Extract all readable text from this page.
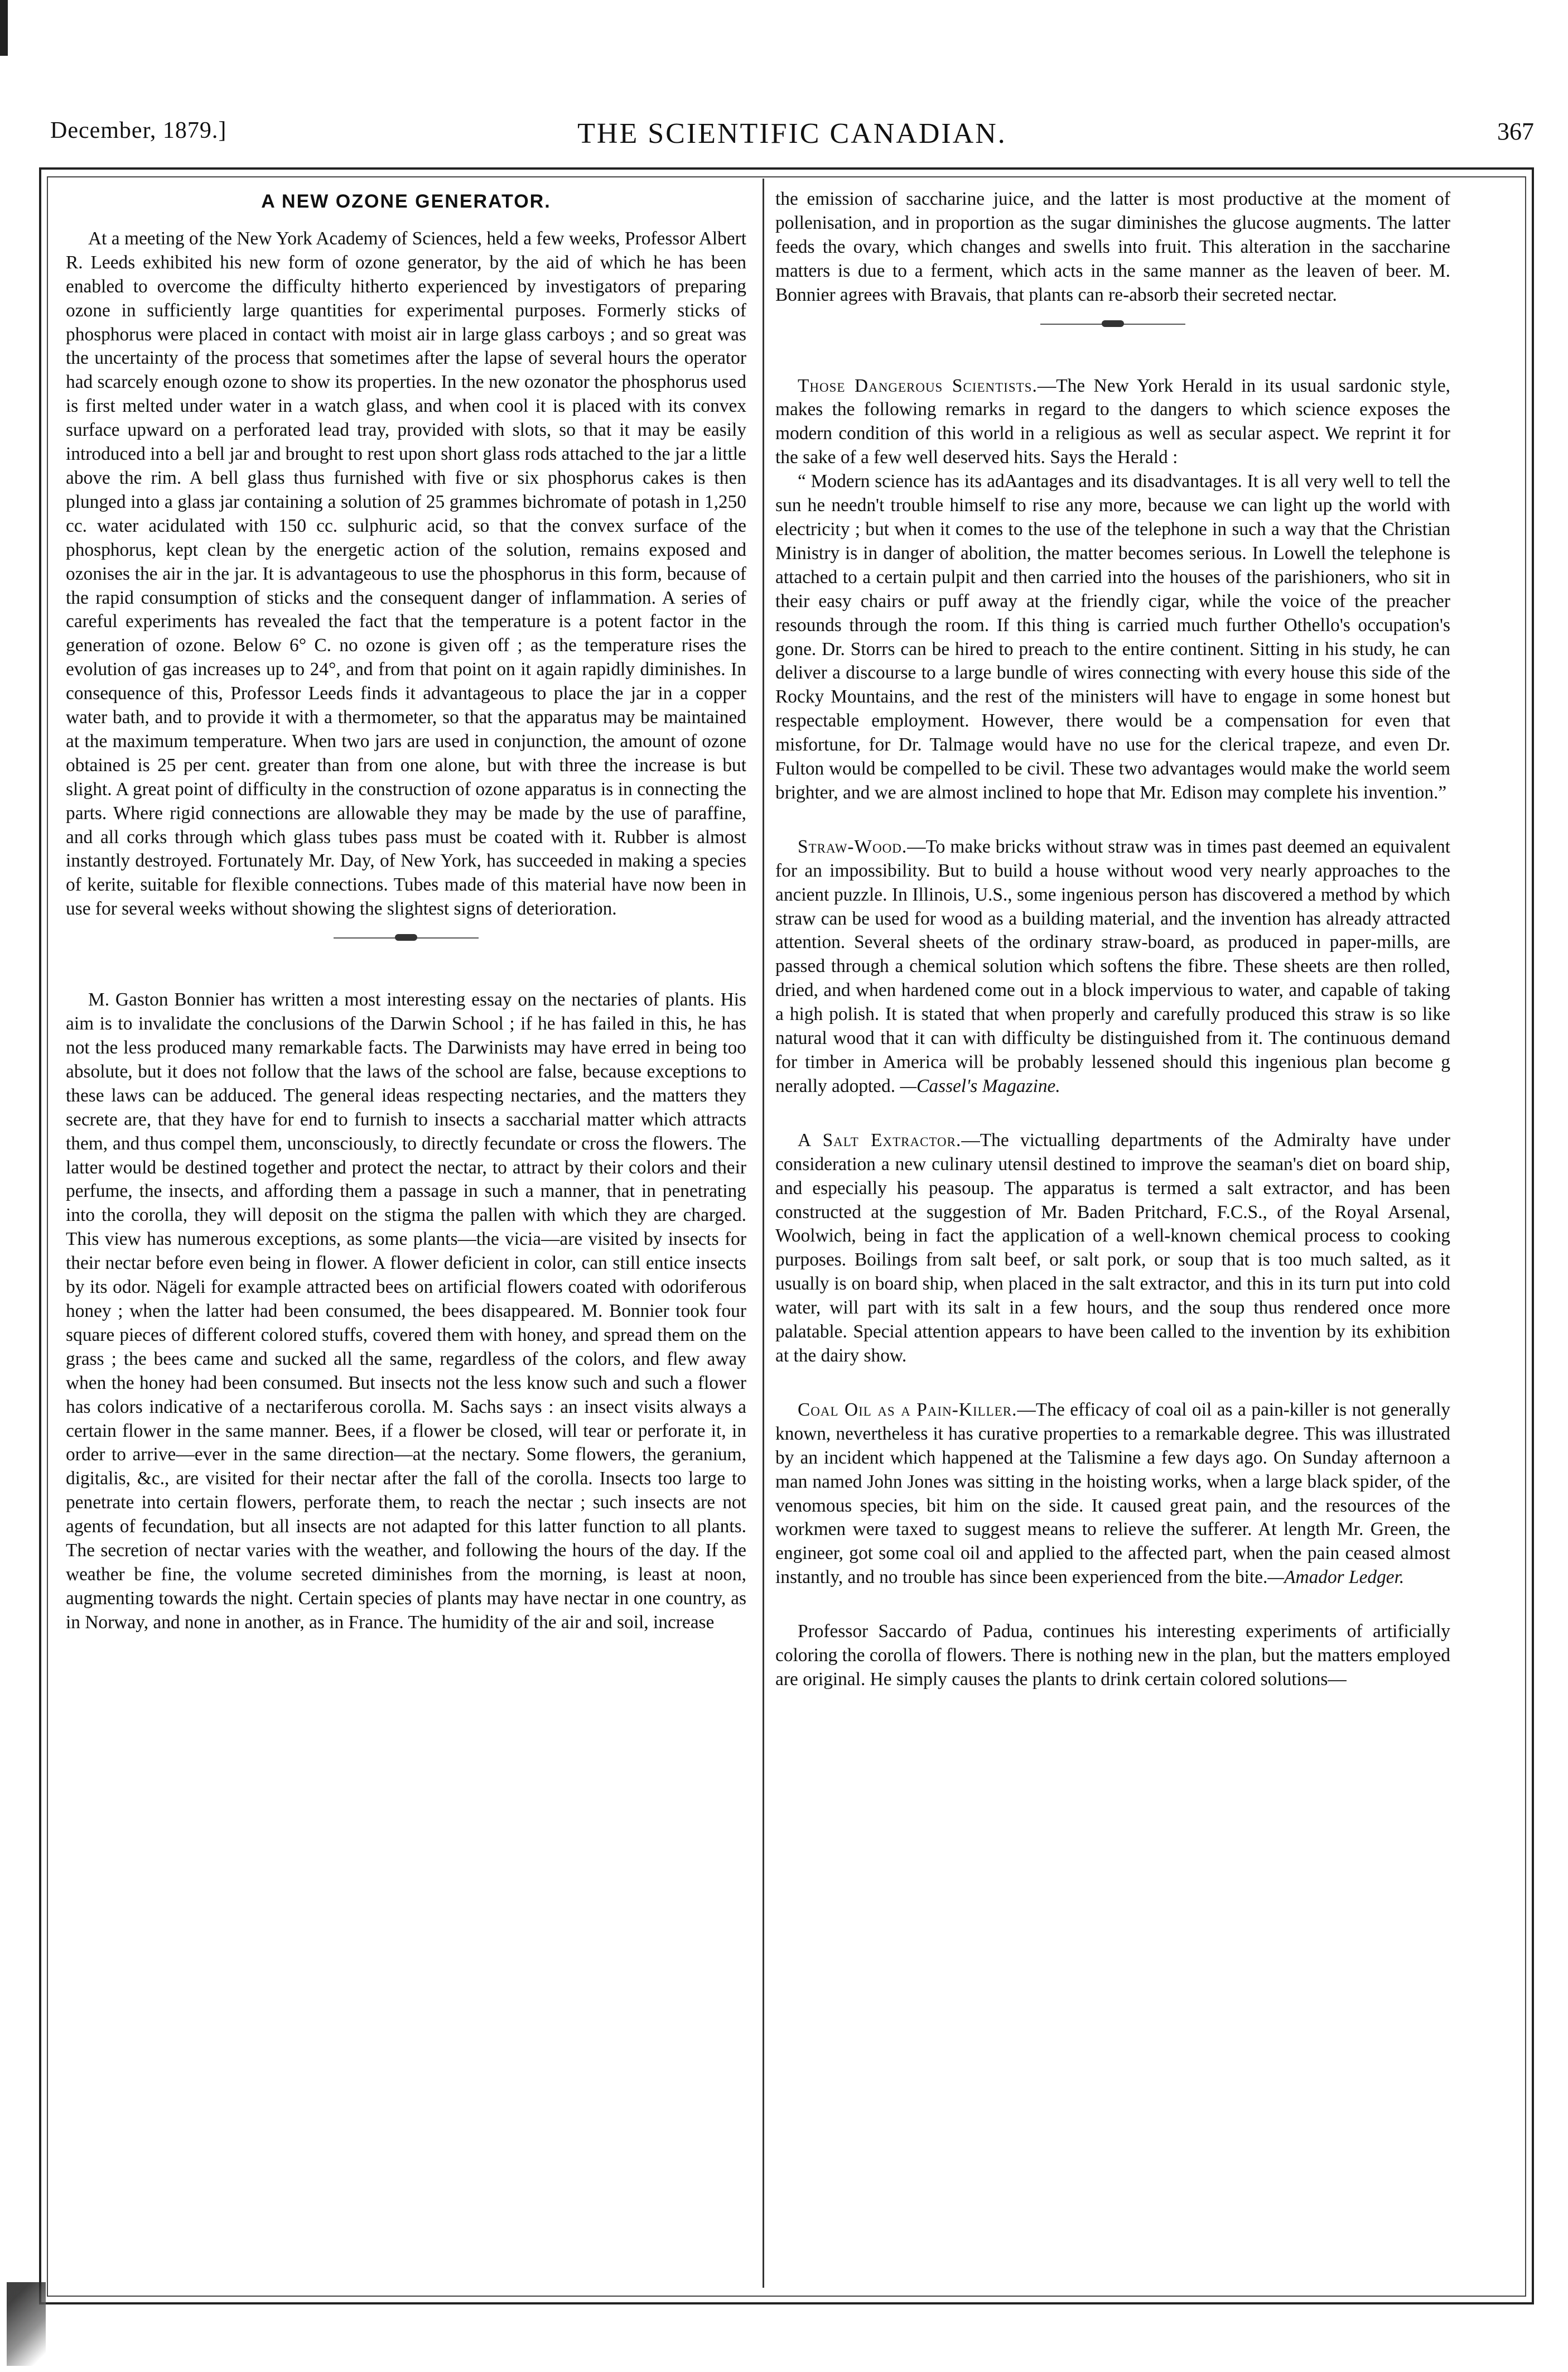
December, 1879.]	THE SCIENTIFIC CANADIAN.	367
A NEW OZONE GENERATOR.

At a meeting of the New York Academy of Sciences, held a few weeks, Professor Albert R. Leeds exhibited his new form of ozone generator, by the aid of which he has been enabled to overcome the difficulty hitherto experienced by investigators of preparing ozone in sufficiently large quantities for experimental purposes. Formerly sticks of phosphorus were placed in contact with moist air in large glass carboys ; and so great was the uncertainty of the process that sometimes after the lapse of several hours the operator had scarcely enough ozone to show its properties. In the new ozonator the phosphorus used is first melted under water in a watch glass, and when cool it is placed with its convex surface upward on a perforated lead tray, provided with slots, so that it may be easily introduced into a bell jar and brought to rest upon short glass rods attached to the jar a little above the rim. A bell glass thus furnished with five or six phosphorus cakes is then plunged into a glass jar containing a solution of 25 grammes bichromate of potash in 1,250 cc. water acidulated with 150 cc. sulphuric acid, so that the convex surface of the phosphorus, kept clean by the energetic action of the solution, remains exposed and ozonises the air in the jar. It is advantageous to use the phosphorus in this form, because of the rapid consumption of sticks and the consequent danger of inflammation. A series of careful experiments has revealed the fact that the temperature is a potent factor in the generation of ozone. Below 6° C. no ozone is given off ; as the temperature rises the evolution of gas increases up to 24°, and from that point on it again rapidly diminishes. In consequence of this, Professor Leeds finds it advantageous to place the jar in a copper water bath, and to provide it with a thermometer, so that the apparatus may be maintained at the maximum temperature. When two jars are used in conjunction, the amount of ozone obtained is 25 per cent. greater than from one alone, but with three the increase is but slight. A great point of difficulty in the construction of ozone apparatus is in connecting the parts. Where rigid connections are allowable they may be made by the use of paraffine, and all corks through which glass tubes pass must be coated with it. Rubber is almost instantly destroyed. Fortunately Mr. Day, of New York, has succeeded in making a species of kerite, suitable for flexible connections. Tubes made of this material have now been in use for several weeks without showing the slightest signs of deterioration.

M. Gaston Bonnier has written a most interesting essay on the nectaries of plants. His aim is to invalidate the conclusions of the Darwin School ; if he has failed in this, he has not the less produced many remarkable facts. The Darwinists may have erred in being too absolute, but it does not follow that the laws of the school are false, because exceptions to these laws can be adduced. The general ideas respecting nectaries, and the matters they secrete are, that they have for end to furnish to insects a saccharial matter which attracts them, and thus compel them, unconsciously, to directly fecundate or cross the flowers. The latter would be destined together and protect the nectar, to attract by their colors and their perfume, the insects, and affording them a passage in such a manner, that in penetrating into the corolla, they will deposit on the stigma the pallen with which they are charged. This view has numerous exceptions, as some plants—the vicia—are visited by insects for their nectar before even being in flower. A flower deficient in color, can still entice insects by its odor. Nägeli for example attracted bees on artificial flowers coated with odoriferous honey ; when the latter had been consumed, the bees disappeared. M. Bonnier took four square pieces of different colored stuffs, covered them with honey, and spread them on the grass ; the bees came and sucked all the same, regardless of the colors, and flew away when the honey had been consumed. But insects not the less know such and such a flower has colors indicative of a nectariferous corolla. M. Sachs says : an insect visits always a certain flower in the same manner. Bees, if a flower be closed, will tear or perforate it, in order to arrive—ever in the same direction—at the nectary. Some flowers, the geranium, digitalis, &c., are visited for their nectar after the fall of the corolla. Insects too large to penetrate into certain flowers, perforate them, to reach the nectar ; such insects are not agents of fecundation, but all insects are not adapted for this latter function to all plants. The secretion of nectar varies with the weather, and following the hours of the day. If the weather be fine, the volume secreted diminishes from the morning, is least at noon, augmenting towards the night. Certain species of plants may have nectar in one country, as in Norway, and none in another, as in France. The humidity of the air and soil, increase

the emission of saccharine juice, and the latter is most productive at the moment of pollenisation, and in proportion as the sugar diminishes the glucose augments. The latter feeds the ovary, which changes and swells into fruit. This alteration in the saccharine matters is due to a ferment, which acts in the same manner as the leaven of beer. M. Bonnier agrees with Bravais, that plants can re-absorb their secreted nectar.

Those Dangerous Scientists.—The New York Herald in its usual sardonic style, makes the following remarks in regard to the dangers to which science exposes the modern condition of this world in a religious as well as secular aspect. We reprint it for the sake of a few well deserved hits. Says the Herald :

“ Modern science has its adAantages and its disadvantages. It is all very well to tell the sun he needn't trouble himself to rise any more, because we can light up the world with electricity ; but when it comes to the use of the telephone in such a way that the Christian Ministry is in danger of abolition, the matter becomes serious. In Lowell the telephone is attached to a certain pulpit and then carried into the houses of the parishioners, who sit in their easy chairs or puff away at the friendly cigar, while the voice of the preacher resounds through the room. If this thing is carried much further Othello's occupation's gone. Dr. Storrs can be hired to preach to the entire continent. Sitting in his study, he can deliver a discourse to a large bundle of wires connecting with every house this side of the Rocky Mountains, and the rest of the ministers will have to engage in some honest but respectable employment. However, there would be a compensation for even that misfortune, for Dr. Talmage would have no use for the clerical trapeze, and even Dr. Fulton would be compelled to be civil. These two advantages would make the world seem brighter, and we are almost inclined to hope that Mr. Edison may complete his invention.”

Straw-Wood.—To make bricks without straw was in times past deemed an equivalent for an impossibility. But to build a house without wood very nearly approaches to the ancient puzzle. In Illinois, U.S., some ingenious person has discovered a method by which straw can be used for wood as a building material, and the invention has already attracted attention. Several sheets of the ordinary straw-board, as produced in paper-mills, are passed through a chemical solution which softens the fibre. These sheets are then rolled, dried, and when hardened come out in a block impervious to water, and capable of taking a high polish. It is stated that when properly and carefully produced this straw is so like natural wood that it can with difficulty be distinguished from it. The continuous demand for timber in America will be probably lessened should this ingenious plan become g nerally adopted. —Cassel's Magazine.

A Salt Extractor.—The victualling departments of the Admiralty have under consideration a new culinary utensil destined to improve the seaman's diet on board ship, and especially his peasoup. The apparatus is termed a salt extractor, and has been constructed at the suggestion of Mr. Baden Pritchard, F.C.S., of the Royal Arsenal, Woolwich, being in fact the application of a well-known chemical process to cooking purposes. Boilings from salt beef, or salt pork, or soup that is too much salted, as it usually is on board ship, when placed in the salt extractor, and this in its turn put into cold water, will part with its salt in a few hours, and the soup thus rendered once more palatable. Special attention appears to have been called to the invention by its exhibition at the dairy show.

Coal Oil as a Pain-Killer.—The efficacy of coal oil as a pain-killer is not generally known, nevertheless it has curative properties to a remarkable degree. This was illustrated by an incident which happened at the Talismine a few days ago. On Sunday afternoon a man named John Jones was sitting in the hoisting works, when a large black spider, of the venomous species, bit him on the side. It caused great pain, and the resources of the workmen were taxed to suggest means to relieve the sufferer. At length Mr. Green, the engineer, got some coal oil and applied to the affected part, when the pain ceased almost instantly, and no trouble has since been experienced from the bite.—Amador Ledger.

Professor Saccardo of Padua, continues his interesting experiments of artificially coloring the corolla of flowers. There is nothing new in the plan, but the matters employed are original. He simply causes the plants to drink certain colored solutions—
